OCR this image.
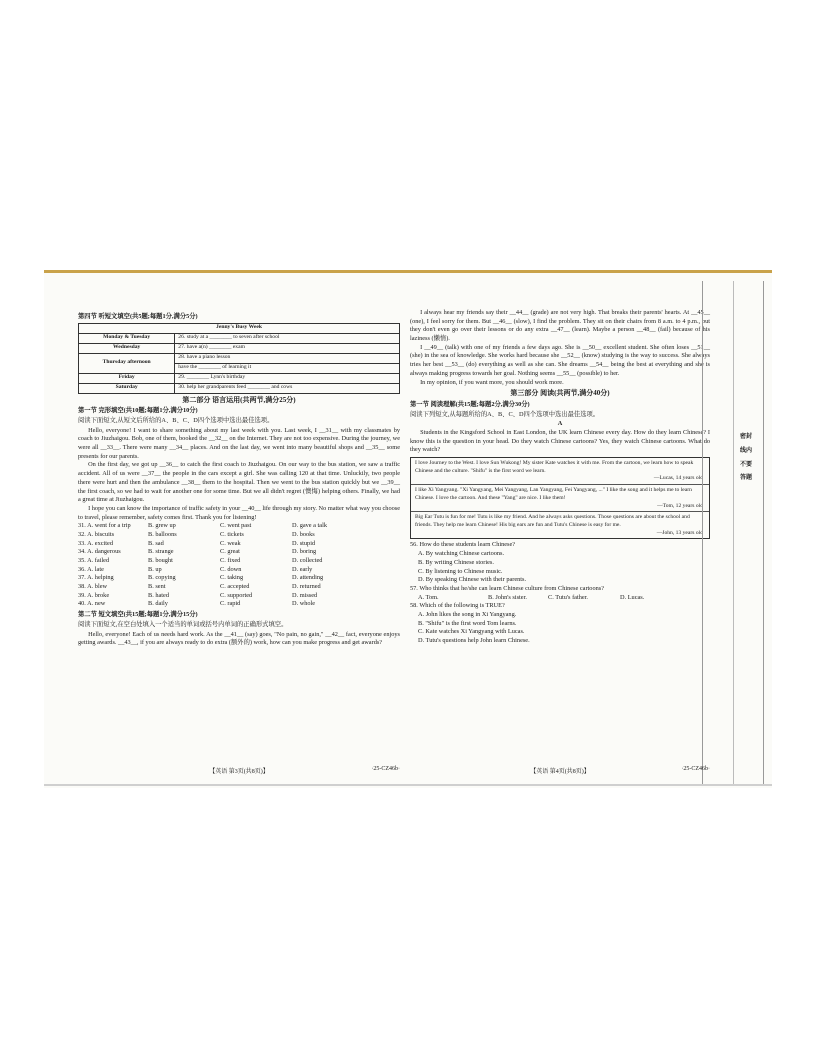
第四节 听短文填空(共5题;每题1分,满分5分)
Jenny's Busy Week	
Monday & Tuesday	26. study at a ________ to seven after school
Wednesday	27. have a(n) ________ exam
Thursday afternoon	28. have a piano lesson
	have the ________ of learning it
Friday	29. ________ Lynn's birthday
Saturday	30. help her grandparents feed ________ and cows
第二部分 语言运用(共两节,满分25分)
第一节 完形填空(共10题;每题1分,满分10分)
阅读下面短文,从短文后所给的A、B、C、D四个选项中选出最佳选项。

Hello, everyone! I want to share something about my last week with you. Last week, I __31__ with my classmates by coach to Jiuzhaigou. Bob, one of them, booked the __32__ on the Internet. They are not too expensive. During the journey, we were all __33__. There were many __34__ places. And on the last day, we went into many beautiful shops and __35__ some presents for our parents.

On the first day, we got up __36__ to catch the first coach to Jiuzhaigou. On our way to the bus station, we saw a traffic accident. All of us were __37__ the people in the cars except a girl. She was calling 120 at that time. Unluckily, two people there were hurt and then the ambulance __38__ them to the hospital. Then we went to the bus station quickly but we __39__ the first coach, so we had to wait for another one for some time. But we all didn't regret (懊悔) helping others. Finally, we had a great time at Jiuzhaigou.

I hope you can know the importance of traffic safety in your __40__ life through my story. No matter what way you choose to travel, please remember, safety comes first. Thank you for listening!

31. A. went for a trip	B. grew up	C. went past	D. gave a talk
32. A. biscuits	B. balloons	C. tickets	D. books
33. A. excited	B. sad	C. weak	D. stupid
34. A. dangerous	B. strange	C. great	D. boring
35. A. failed	B. bought	C. fixed	D. collected
36. A. late	B. up	C. down	D. early
37. A. helping	B. copying	C. taking	D. attending
38. A. blew	B. sent	C. accepted	D. returned
39. A. broke	B. hated	C. supported	D. missed
40. A. new	B. daily	C. rapid	D. whole
第二节 短文填空(共15题;每题1分,满分15分)
阅读下面短文,在空白处填入一个适当的单词或括号内单词的正确形式填空。

Hello, everyone! Each of us needs hard work. As the __41__ (say) goes, "No pain, no gain," __42__ fact, everyone enjoys getting awards. __43__, if you are always ready to do extra (额外的) work, how can you make progress and get awards?

I always hear my friends say their __44__ (grade) are not very high. That breaks their parents' hearts. At __45__ (one), I feel sorry for them. But __46__ (slow), I find the problem. They sit on their chairs from 8 a.m. to 4 p.m., but they don't even go over their lessons or do any extra __47__ (learn). Maybe a person __48__ (fail) because of his laziness (懒惰).

I __49__ (talk) with one of my friends a few days ago. She is __50__ excellent student. She often loses __51__ (she) in the sea of knowledge. She works hard because she __52__ (know) studying is the way to success. She always tries her best __53__ (do) everything as well as she can. She dreams __54__ being the best at everything and she is always making progress towards her goal. Nothing seems __55__ (possible) to her.

In my opinion, if you want more, you should work more.

第三部分 阅读(共两节,满分40分)
第一节 阅读理解(共15题;每题2分,满分30分)
阅读下列短文,从每题所给的A、B、C、D四个选项中选出最佳选项。
A

Students in the Kingsford School in East London, the UK learn Chinese every day. How do they learn Chinese? I know this is the question in your head. Do they watch Chinese cartoons? Yes, they watch Chinese cartoons. What do they watch?

I love Journey to the West. I love Sun Wukong! My sister Kate watches it with me. From the cartoon, we learn how to speak Chinese and the culture. "Shifu" is the first word we learn.
—Lucas, 14 years old
I like Xi Yangyang. "Xi Yangyang, Mei Yangyang, Lan Yangyang, Fei Yangyang, ..." I like the song and it helps me to learn Chinese. I love the cartoon. And these "Yang" are nice. I like them!
—Tom, 12 years old
Big Ear Tutu is fun for me! Tutu is like my friend. And he always asks questions. Those questions are about the school and friends. They help me learn Chinese! His big ears are fun and Tutu's Chinese is easy for me.
—John, 13 years old
56. How do these students learn Chinese?
A. By watching Chinese cartoons.
B. By writing Chinese stories.
C. By listening to Chinese music.
D. By speaking Chinese with their parents.
57. Who thinks that he/she can learn Chinese culture from Chinese cartoons?
A. Tom.	B. John's sister.	C. Tutu's father.	D. Lucas.
58. Which of the following is TRUE?
A. John likes the song in Xi Yangyang.
B. "Shifu" is the first word Tom learns.
C. Kate watches Xi Yangyang with Lucas.
D. Tutu's questions help John learn Chinese.
密封线内不要答题
【英语 第3页(共8页)】	·25-CZ46b·	【英语 第4页(共8页)】	·25-CZ46b·
